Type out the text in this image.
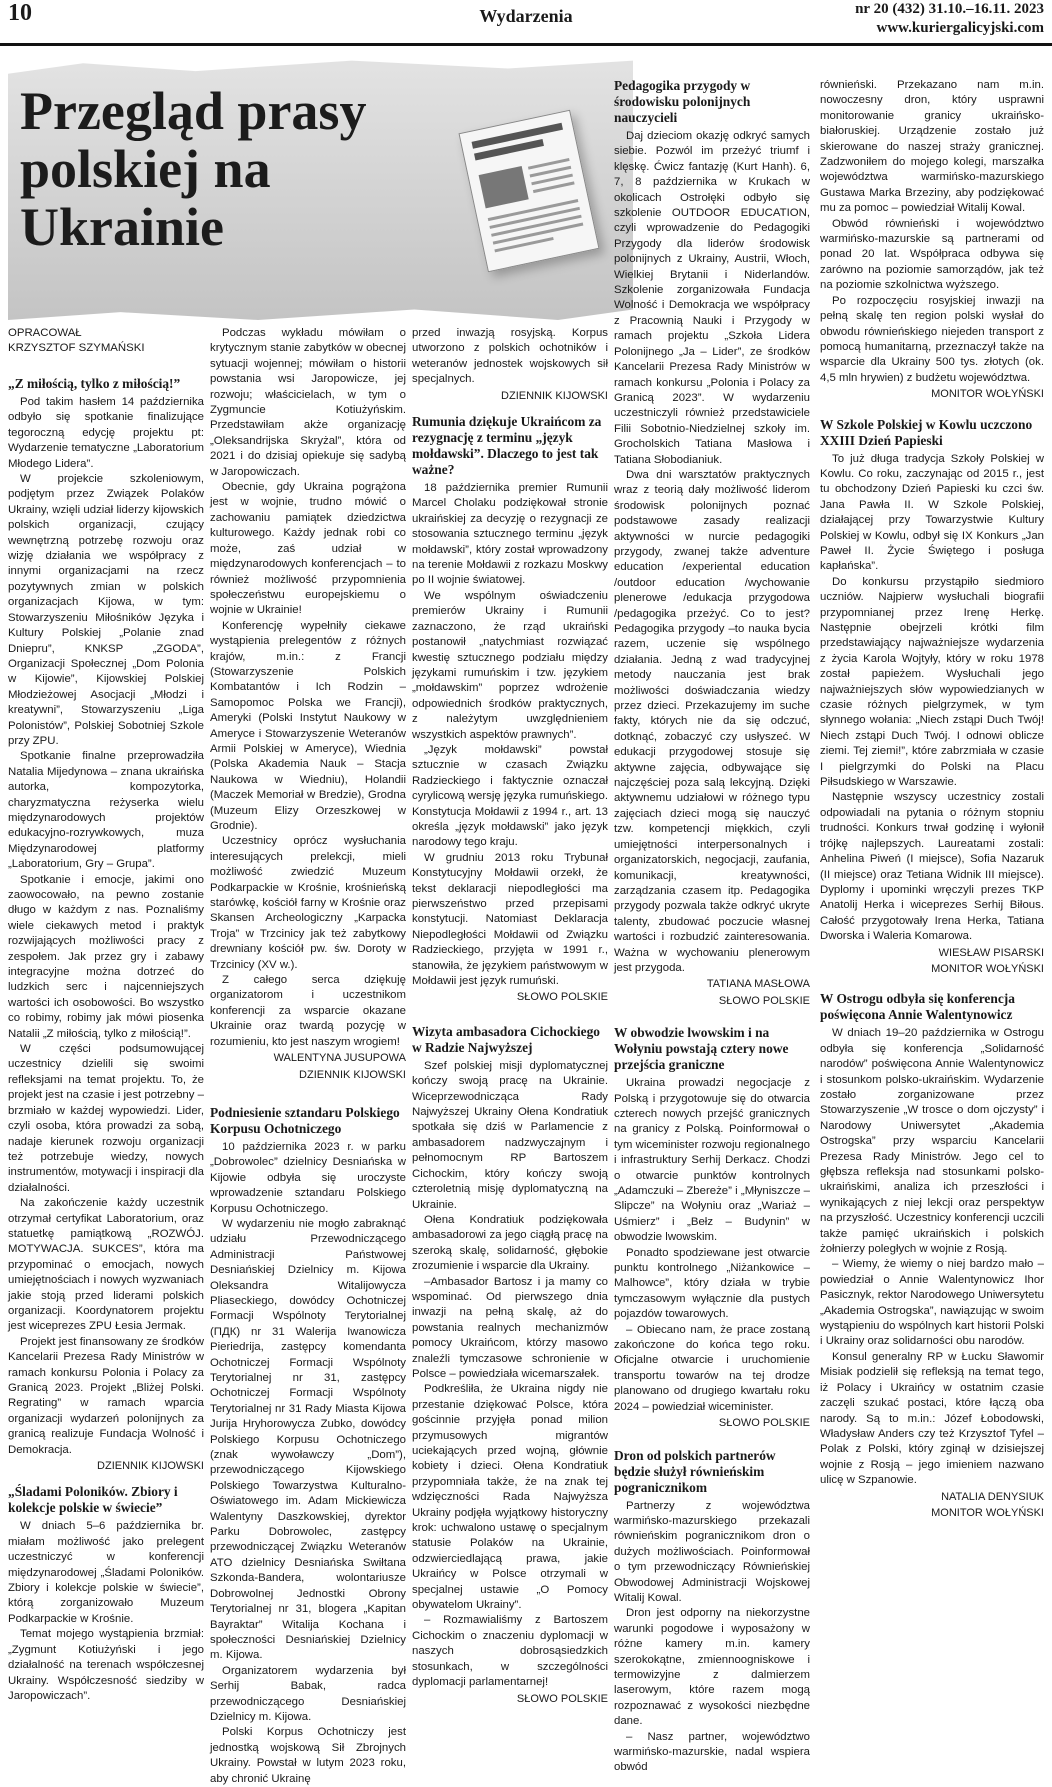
10	Wydarzenia	nr 20 (432) 31.10.–16.11. 2023
www.kuriergalicyjski.com
Przegląd prasy polskiej na Ukrainie

OPRACOWAŁ

KRZYSZTOF SZYMAŃSKI

„Z miłością, tylko z miłością!”

Pod takim hasłem 14 października odbyło się spotkanie finalizujące tegoroczną edycję projektu pt: Wydarzenie tematyczne „Laboratorium Młodego Lidera”.

W projekcie szkoleniowym, podjętym przez Związek Polaków Ukrainy, wzięli udział liderzy kijowskich polskich organizacji, czujący wewnętrzną potrzebę rozwoju oraz wizję działania we współpracy z innymi organizacjami na rzecz pozytywnych zmian w polskich organizacjach Kijowa, w tym: Stowarzyszeniu Miłośników Języka i Kultury Polskiej „Polanie znad Dniepru”, KNKSP „ZGODA”, Organizacji Społecznej „Dom Polonia w Kijowie”, Kijowskiej Polskiej Młodzieżowej Asocjacji „Młodzi i kreatywni”, Stowarzyszeniu „Liga Polonistów”, Polskiej Sobotniej Szkole przy ZPU.

Spotkanie finalne przeprowadziła Natalia Mijedynowa – znana ukraińska autorka, kompozytorka, charyzmatyczna reżyserka wielu międzynarodowych projektów edukacyjno-rozrywkowych, muza Międzynarodowej platformy „Laboratorium, Gry – Grupa”.

Spotkanie i emocje, jakimi ono zaowocowało, na pewno zostanie długo w każdym z nas. Poznaliśmy wiele ciekawych metod i praktyk rozwijających możliwości pracy z zespołem. Jak przez gry i zabawy integracyjne można dotrzeć do ludzkich serc i najcenniejszych wartości ich osobowości. Bo wszystko co robimy, robimy jak mówi piosenka Natalii „Z miłością, tylko z miłością!”.

W części podsumowującej uczestnicy dzielili się swoimi refleksjami na temat projektu. To, że projekt jest na czasie i jest potrzebny – brzmiało w każdej wypowiedzi. Lider, czyli osoba, która prowadzi za sobą, nadaje kierunek rozwoju organizacji też potrzebuje wiedzy, nowych instrumentów, motywacji i inspiracji dla działalności.

Na zakończenie każdy uczestnik otrzymał certyfikat Laboratorium, oraz statuetkę pamiątkową „ROZWÓJ. MOTYWACJA. SUKCES”, która ma przypominać o emocjach, nowych umiejętnościach i nowych wyzwaniach jakie stoją przed liderami polskich organizacji. Koordynatorem projektu jest wiceprezes ZPU Łesia Jermak.

Projekt jest finansowany ze środków Kancelarii Prezesa Rady Ministrów w ramach konkursu Polonia i Polacy za Granicą 2023. Projekt „Bliżej Polski. Regrating” w ramach wparcia organizacji wydarzeń polonijnych za granicą realizuje Fundacja Wolność i Demokracja.

DZIENNIK KIJOWSKI

„Śladami Poloników. Zbiory i kolekcje polskie w świecie”

W dniach 5–6 października br. miałam możliwość jako prelegent uczestniczyć w konferencji międzynarodowej „Śladami Poloników. Zbiory i kolekcje polskie w świecie”, którą zorganizowało Muzeum Podkarpackie w Krośnie.

Temat mojego wystąpienia brzmiał: „Zygmunt Kotiużyński i jego działalność na terenach współczesnej Ukrainy. Współczesność siedziby w Jaropowiczach”.

Podczas wykładu mówiłam o krytycznym stanie zabytków w obecnej sytuacji wojennej; mówiłam o historii powstania wsi Jaropowicze, jej rozwoju; właścicielach, w tym o Zygmuncie Kotiużyńskim. Przedstawiłam akże organizację „Oleksandrijska Skryżal”, która od 2021 i do dzisiaj opiekuje się sadybą w Jaropowiczach.

Obecnie, gdy Ukraina pogrążona jest w wojnie, trudno mówić o zachowaniu pamiątek dziedzictwa kulturowego. Każdy jednak robi co może, zaś udział w międzynarodowych konferencjach – to również możliwość przypomnienia społeczeństwu europejskiemu o wojnie w Ukrainie!

Konferencję wypełniły ciekawe wystąpienia prelegentów z różnych krajów, m.in.: z Francji (Stowarzyszenie Polskich Kombatantów i Ich Rodzin – Samopomoc Polska we Francji), Ameryki (Polski Instytut Naukowy w Ameryce i Stowarzyszenie Weteranów Armii Polskiej w Ameryce), Wiednia (Polska Akademia Nauk – Stacja Naukowa w Wiedniu), Holandii (Maczek Memoriał w Bredzie), Grodna (Muzeum Elizy Orzeszkowej w Grodnie).

Uczestnicy oprócz wysłuchania interesujących prelekcji, mieli możliwość zwiedzić Muzeum Podkarpackie w Krośnie, krośnieńską starówkę, kościół farny w Krośnie oraz Skansen Archeologiczny „Karpacka Troja” w Trzcinicy jak też zabytkowy drewniany kościół pw. św. Doroty w Trzcinicy (XV w.).

Z całego serca dziękuję organizatorom i uczestnikom konferencji za wsparcie okazane Ukrainie oraz twardą pozycję w rozumieniu, kto jest naszym wrogiem!

WALENTYNA JUSUPOWA

DZIENNIK KIJOWSKI

Podniesienie sztandaru Polskiego Korpusu Ochotniczego

10 października 2023 r. w parku „Dobrowolec” dzielnicy Desniańska w Kijowie odbyła się uroczyste wprowadzenie sztandaru Polskiego Korpusu Ochotniczego.

W wydarzeniu nie mogło zabraknąć udziału Przewodniczącego Administracji Państwowej Desniańskiej Dzielnicy m. Kijowa Oleksandra Witalijowycza Pliaseckiego, dowódcy Ochotniczej Formacji Wspólnoty Terytorialnej (ПДК) nr 31 Walerija Iwanowicza Pieriedrija, zastępcy komendanta Ochotniczej Formacji Wspólnoty Terytorialnej nr 31, zastępcy Ochotniczej Formacji Wspólnoty Terytorialnej nr 31 Rady Miasta Kijowa Jurija Hryhorowycza Zubko, dowódcy Polskiego Korpusu Ochotniczego (znak wywoławczy „Dom”), przewodniczącego Kijowskiego Polskiego Towarzystwa Kulturalno-Oświatowego im. Adam Mickiewicza Walentyny Daszkowskiej, dyrektor Parku Dobrowolec, zastępcy przewodniczącej Związku Weteranów ATO dzielnicy Desniańska Swiłtana Szkonda-Bandera, wolontariusze Dobrowolnej Jednostki Obrony Terytorialnej nr 31, blogera „Kapitan Bayraktar” Witalija Kochana i społeczności Desniańskiej Dzielnicy m. Kijowa.

Organizatorem wydarzenia był Serhij Babak, radca przewodniczącego Desniańskiej Dzielnicy m. Kijowa.

Polski Korpus Ochotniczy jest jednostką wojskową Sił Zbrojnych Ukrainy. Powstał w lutym 2023 roku, aby chronić Ukrainę

przed inwazją rosyjską. Korpus utworzono z polskich ochotników i weteranów jednostek wojskowych sił specjalnych.

DZIENNIK KIJOWSKI

Rumunia dziękuje Ukraińcom za rezygnację z terminu „język mołdawski”. Dlaczego to jest tak ważne?

18 października premier Rumunii Marcel Cholaku podziękował stronie ukraińskiej za decyzję o rezygnacji ze stosowania sztucznego terminu „język mołdawski”, który został wprowadzony na terenie Mołdawii z rozkazu Moskwy po II wojnie światowej.

We wspólnym oświadczeniu premierów Ukrainy i Rumunii zaznaczono, że rząd ukraiński postanowił „natychmiast rozwiązać kwestię sztucznego podziału między językami rumuńskim i tzw. językiem „mołdawskim” poprzez wdrożenie odpowiednich środków praktycznych, z należytym uwzględnieniem wszystkich aspektów prawnych”.

„Język mołdawski” powstał sztucznie w czasach Związku Radzieckiego i faktycznie oznaczał cyrylicową wersję języka rumuńskiego. Konstytucja Mołdawii z 1994 r., art. 13 określa „język mołdawski” jako język narodowy tego kraju.

W grudniu 2013 roku Trybunał Konstytucyjny Mołdawii orzekł, że tekst deklaracji niepodległości ma pierwszeństwo przed przepisami konstytucji. Natomiast Deklaracja Niepodległości Mołdawii od Związku Radzieckiego, przyjęta w 1991 r., stanowiła, że językiem państwowym w Mołdawii jest język rumuński.

SŁOWO POLSKIE

Wizyta ambasadora Cichockiego w Radzie Najwyższej

Szef polskiej misji dyplomatycznej kończy swoją pracę na Ukrainie. Wiceprzewodnicząca Rady Najwyższej Ukrainy Ołena Kondratiuk spotkała się dziś w Parlamencie z ambasadorem nadzwyczajnym i pełnomocnym RP Bartoszem Cichockim, który kończy swoją czteroletnią misję dyplomatyczną na Ukrainie.

Ołena Kondratiuk podziękowała ambasadorowi za jego ciągłą pracę na szeroką skalę, solidarność, głębokie zrozumienie i wsparcie dla Ukrainy.

–Ambasador Bartosz i ja mamy co wspominać. Od pierwszego dnia inwazji na pełną skalę, aż do powstania realnych mechanizmów pomocy Ukraińcom, którzy masowo znaleźli tymczasowe schronienie w Polsce – powiedziała wicemarszałek.

Podkreśliła, że Ukraina nigdy nie przestanie dziękować Polsce, która gościnnie przyjęła ponad milion przymusowych migrantów uciekających przed wojną, głównie kobiety i dzieci. Ołena Kondratiuk przypomniała także, że na znak tej wdzięczności Rada Najwyższa Ukrainy podjęła wyjątkowy historyczny krok: uchwalono ustawę o specjalnym statusie Polaków na Ukrainie, odzwierciedlającą prawa, jakie Ukraińcy w Polsce otrzymali w specjalnej ustawie „O Pomocy obywatelom Ukrainy”.

– Rozmawialiśmy z Bartoszem Cichockim o znaczeniu dyplomacji w naszych dobrosąsiedzkich stosunkach, w szczególności dyplomacji parlamentarnej!

SŁOWO POLSKIE

Pedagogika przygody w środowisku polonijnych nauczycieli

Daj dzieciom okazję odkryć samych siebie. Pozwól im przeżyć triumf i klęskę. Ćwicz fantazję (Kurt Hanh). 6, 7, 8 października w Krukach w okolicach Ostrołęki odbyło się szkolenie OUTDOOR EDUCATION, czyli wprowadzenie do Pedagogiki Przygody dla liderów środowisk polonijnych z Ukrainy, Austrii, Włoch, Wielkiej Brytanii i Niderlandów. Szkolenie zorganizowała Fundacja Wolność i Demokracja we współpracy z Pracownią Nauki i Przygody w ramach projektu „Szkoła Lidera Polonijnego „Ja – Lider”, ze środków Kancelarii Prezesa Rady Ministrów w ramach konkursu „Polonia i Polacy za Granicą 2023”. W wydarzeniu uczestniczyli również przedstawiciele Filii Sobotnio-Niedzielnej szkoły im. Grocholskich Tatiana Masłowa i Tatiana Słobodianiuk.

Dwa dni warsztatów praktycznych wraz z teorią dały możliwość liderom środowisk polonijnych poznać podstawowe zasady realizacji aktywności w nurcie pedagogiki przygody, zwanej także adventure education /experiental education /outdoor education /wychowanie plenerowe /edukacja przygodowa /pedagogika przeżyć. Co to jest? Pedagogika przygody –to nauka bycia razem, uczenie się wspólnego działania. Jedną z wad tradycyjnej metody nauczania jest brak możliwości doświadczania wiedzy przez dzieci. Przekazujemy im suche fakty, których nie da się odczuć, dotknąć, zobaczyć czy usłyszeć. W edukacji przygodowej stosuje się aktywne zajęcia, odbywające się najczęściej poza salą lekcyjną. Dzięki aktywnemu udziałowi w różnego typu zajęciach dzieci mogą się nauczyć tzw. kompetencji miękkich, czyli umiejętności interpersonalnych i organizatorskich, negocjacji, zaufania, komunikacji, kreatywności, zarządzania czasem itp. Pedagogika przygody pozwala także odkryć ukryte talenty, zbudować poczucie własnej wartości i rozbudzić zainteresowania. Ważna w wychowaniu plenerowym jest przygoda.

TATIANA MASŁOWA

SŁOWO POLSKIE

W obwodzie lwowskim i na Wołyniu powstają cztery nowe przejścia graniczne

Ukraina prowadzi negocjacje z Polską i przygotowuje się do otwarcia czterech nowych przejść granicznych na granicy z Polską. Poinformował o tym wiceminister rozwoju regionalnego i infrastruktury Serhij Derkacz. Chodzi o otwarcie punktów kontrolnych „Adamczuki – Zbereże” i „Młyniszcze – Slipcze” na Wołyniu oraz „Wariaż – Uśmierz” i „Bełz – Budynin” w obwodzie lwowskim.

Ponadto spodziewane jest otwarcie punktu kontrolnego „Niżankowice – Malhowce”, który działa w trybie tymczasowym wyłącznie dla pustych pojazdów towarowych.

– Obiecano nam, że prace zostaną zakończone do końca tego roku. Oficjalne otwarcie i uruchomienie transportu towarów na tej drodze planowano od drugiego kwartału roku 2024 – powiedział wiceminister.

SŁOWO POLSKIE

Dron od polskich partnerów będzie służył równieńskim pogranicznikom

Partnerzy z województwa warmińsko-mazurskiego przekazali równieńskim pogranicznikom dron o dużych możliwościach. Poinformował o tym przewodniczący Równieńskiej Obwodowej Administracji Wojskowej Witalij Kowal.

Dron jest odporny na niekorzystne warunki pogodowe i wyposażony w różne kamery m.in. kamery szerokokątne, zmiennoogniskowe i termowizyjne z dalmierzem laserowym, które razem mogą rozpoznawać z wysokości niezbędne dane.

– Nasz partner, województwo warmińsko-mazurskie, nadal wspiera obwód

równieński. Przekazano nam m.in. nowoczesny dron, który usprawni monitorowanie granicy ukraińsko-białoruskiej. Urządzenie zostało już skierowane do naszej straży granicznej. Zadzwoniłem do mojego kolegi, marszałka województwa warmińsko-mazurskiego Gustawa Marka Brzeziny, aby podziękować mu za pomoc – powiedział Witalij Kowal.

Obwód równieński i województwo warmińsko-mazurskie są partnerami od ponad 20 lat. Współpraca odbywa się zarówno na poziomie samorządów, jak też na poziomie szkolnictwa wyższego.

Po rozpoczęciu rosyjskiej inwazji na pełną skalę ten region polski wysłał do obwodu równieńskiego niejeden transport z pomocą humanitarną, przeznaczył także na wsparcie dla Ukrainy 500 tys. złotych (ok. 4,5 mln hrywien) z budżetu województwa.

MONITOR WOŁYŃSKI

W Szkole Polskiej w Kowlu uczczono XXIII Dzień Papieski

To już długa tradycja Szkoły Polskiej w Kowlu. Co roku, zaczynając od 2015 r., jest tu obchodzony Dzień Papieski ku czci św. Jana Pawła II. W Szkole Polskiej, działającej przy Towarzystwie Kultury Polskiej w Kowlu, odbył się IX Konkurs „Jan Paweł II. Życie Świętego i posługa kapłańska”.

Do konkursu przystąpiło siedmioro uczniów. Najpierw wysłuchali biografii przypomnianej przez Irenę Herkę. Następnie obejrzeli krótki film przedstawiający najważniejsze wydarzenia z życia Karola Wojtyły, który w roku 1978 został papieżem. Wysłuchali jego najważniejszych słów wypowiedzianych w czasie różnych pielgrzymek, w tym słynnego wołania: „Niech zstąpi Duch Twój! Niech zstąpi Duch Twój. I odnowi oblicze ziemi. Tej ziemi!”, które zabrzmiała w czasie I pielgrzymki do Polski na Placu Piłsudskiego w Warszawie.

Następnie wszyscy uczestnicy zostali odpowiadali na pytania o różnym stopniu trudności. Konkurs trwał godzinę i wyłonił trójkę najlepszych. Laureatami zostali: Anhelina Piweń (I miejsce), Sofia Nazaruk (II miejsce) oraz Tetiana Widnik III miejsce). Dyplomy i upominki wręczyli prezes TKP Anatolij Herka i wiceprezes Serhij Biłous. Całość przygotowały Irena Herka, Tatiana Dworska i Waleria Komarowa.

WIESŁAW PISARSKI

MONITOR WOŁYŃSKI

W Ostrogu odbyła się konferencja poświęcona Annie Walentynowicz

W dniach 19–20 października w Ostrogu odbyła się konferencja „Solidarność narodów” poświęcona Annie Walentynowicz i stosunkom polsko-ukraińskim. Wydarzenie zostało zorganizowane przez Stowarzyszenie „W trosce o dom ojczysty” i Narodowy Uniwersytet „Akademia Ostrogska” przy wsparciu Kancelarii Prezesa Rady Ministrów. Jego cel to głębsza refleksja nad stosunkami polsko-ukraińskimi, analiza ich przeszłości i wynikających z niej lekcji oraz perspektyw na przyszłość. Uczestnicy konferencji uczcili także pamięć ukraińskich i polskich żołnierzy poległych w wojnie z Rosją.

– Wiemy, że wiemy o niej bardzo mało – powiedział o Annie Walentynowicz Ihor Pasicznyk, rektor Narodowego Uniwersytetu „Akademia Ostrogska”, nawiązując w swoim wystąpieniu do wspólnych kart historii Polski i Ukrainy oraz solidarności obu narodów.

Konsul generalny RP w Łucku Sławomir Misiak podzielił się refleksją na temat tego, iż Polacy i Ukraińcy w ostatnim czasie zaczęli szukać postaci, które łączą oba narody. Są to m.in.: Józef Łobodowski, Władysław Anders czy też Krzysztof Tyfel – Polak z Polski, który zginął w dzisiejszej wojnie z Rosją – jego imieniem nazwano ulicę w Szpanowie.

NATALIA DENYSIUK

MONITOR WOŁYŃSKI
